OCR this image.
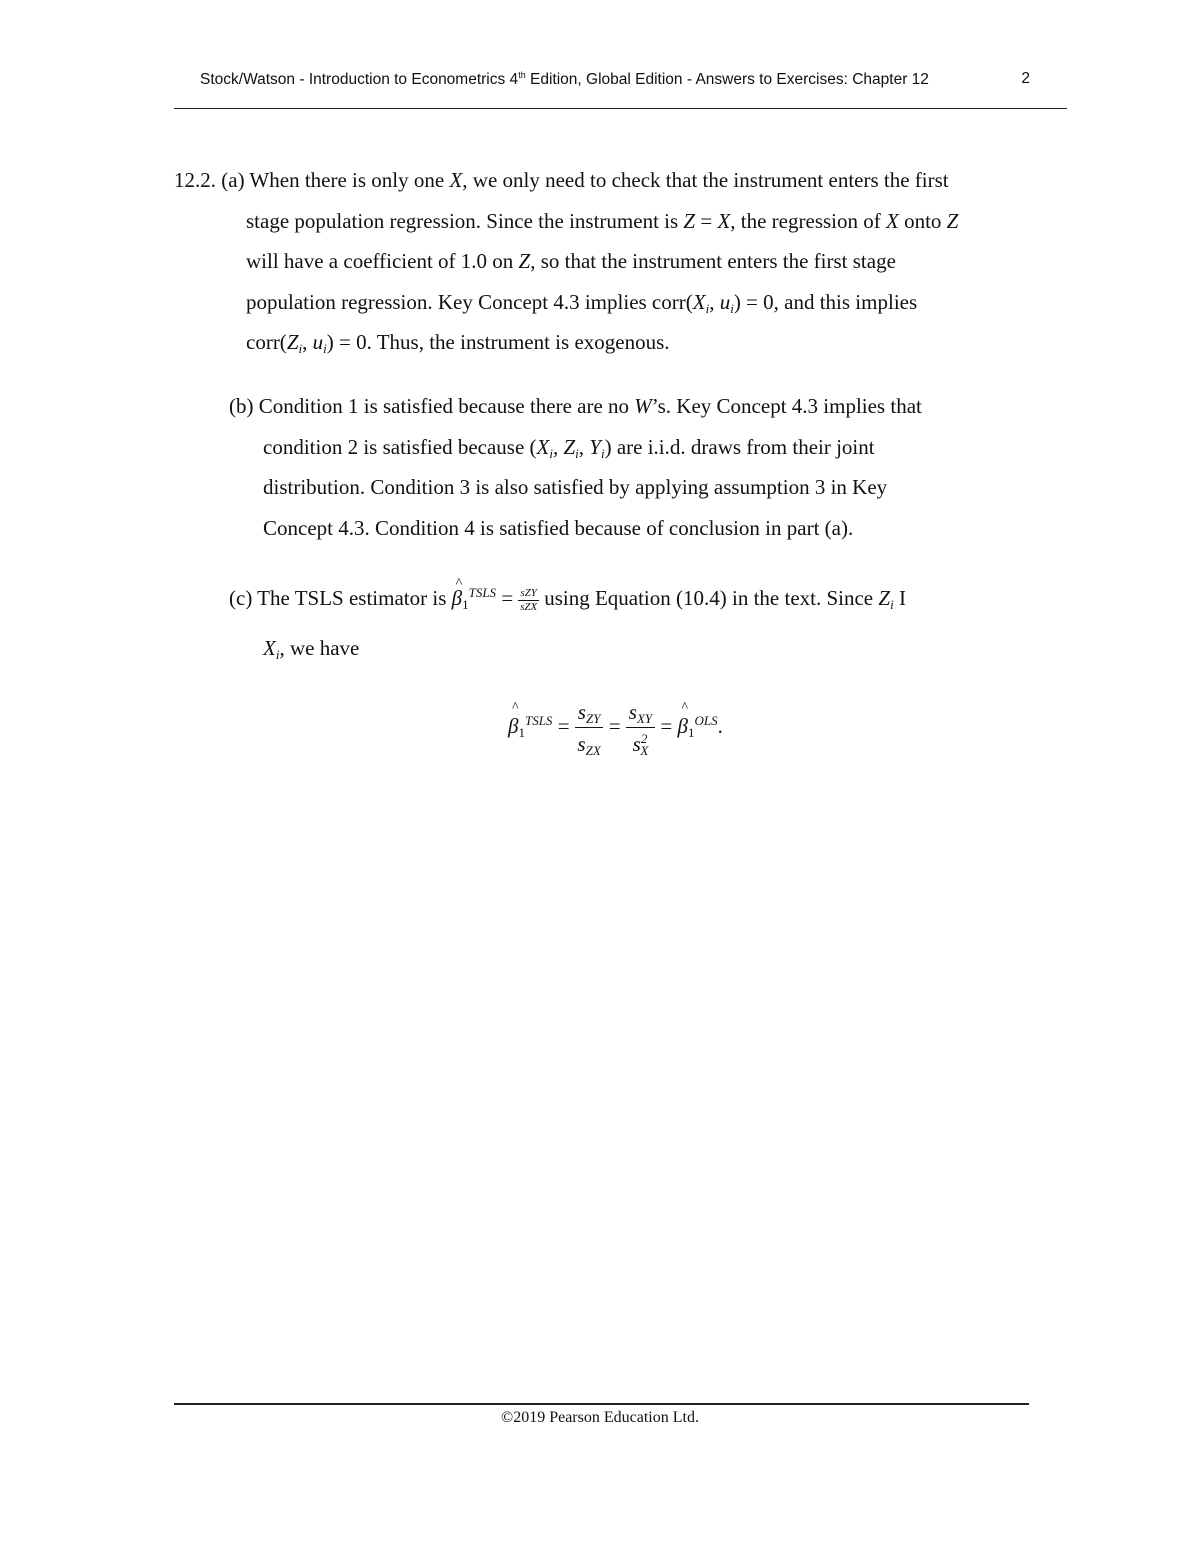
Stock/Watson - Introduction to Econometrics 4th Edition, Global Edition - Answers to Exercises: Chapter 12	2
12.2. (a) When there is only one X, we only need to check that the instrument enters the first
stage population regression. Since the instrument is Z = X, the regression of X onto Z
will have a coefficient of 1.0 on Z, so that the instrument enters the first stage
population regression. Key Concept 4.3 implies $corr(X_i$, $u_i) = 0$, and this implies
$corr(Z_i$, $u_i) = 0$. Thus, the instrument is exogenous.
(b) Condition 1 is satisfied because there are no W’s. Key Concept 4.3 implies that
condition 2 is satisfied because ($X_i$, $Z_i$, $Y_i$) are i.i.d. draws from their joint
distribution. Condition 3 is also satisfied by applying assumption 3 in Key
Concept 4.3. Condition 4 is satisfied because of conclusion in part (a).
(c) The TSLS estimator is ^ $\beta_1^{TSLS} = \frac{\text{sZY}}{\text{sZX}}$ using Equation (10.4) in the text. Since $Z_i$ I
$X_i$, we have
^ $\beta_1^{TSLS} = \frac{s_{ZY}}{s_{ZX}} = \frac{s_{XY}}{s^2_X}$ = ^ $\beta_1^{OLS}$.
©2019 Pearson Education Ltd.
